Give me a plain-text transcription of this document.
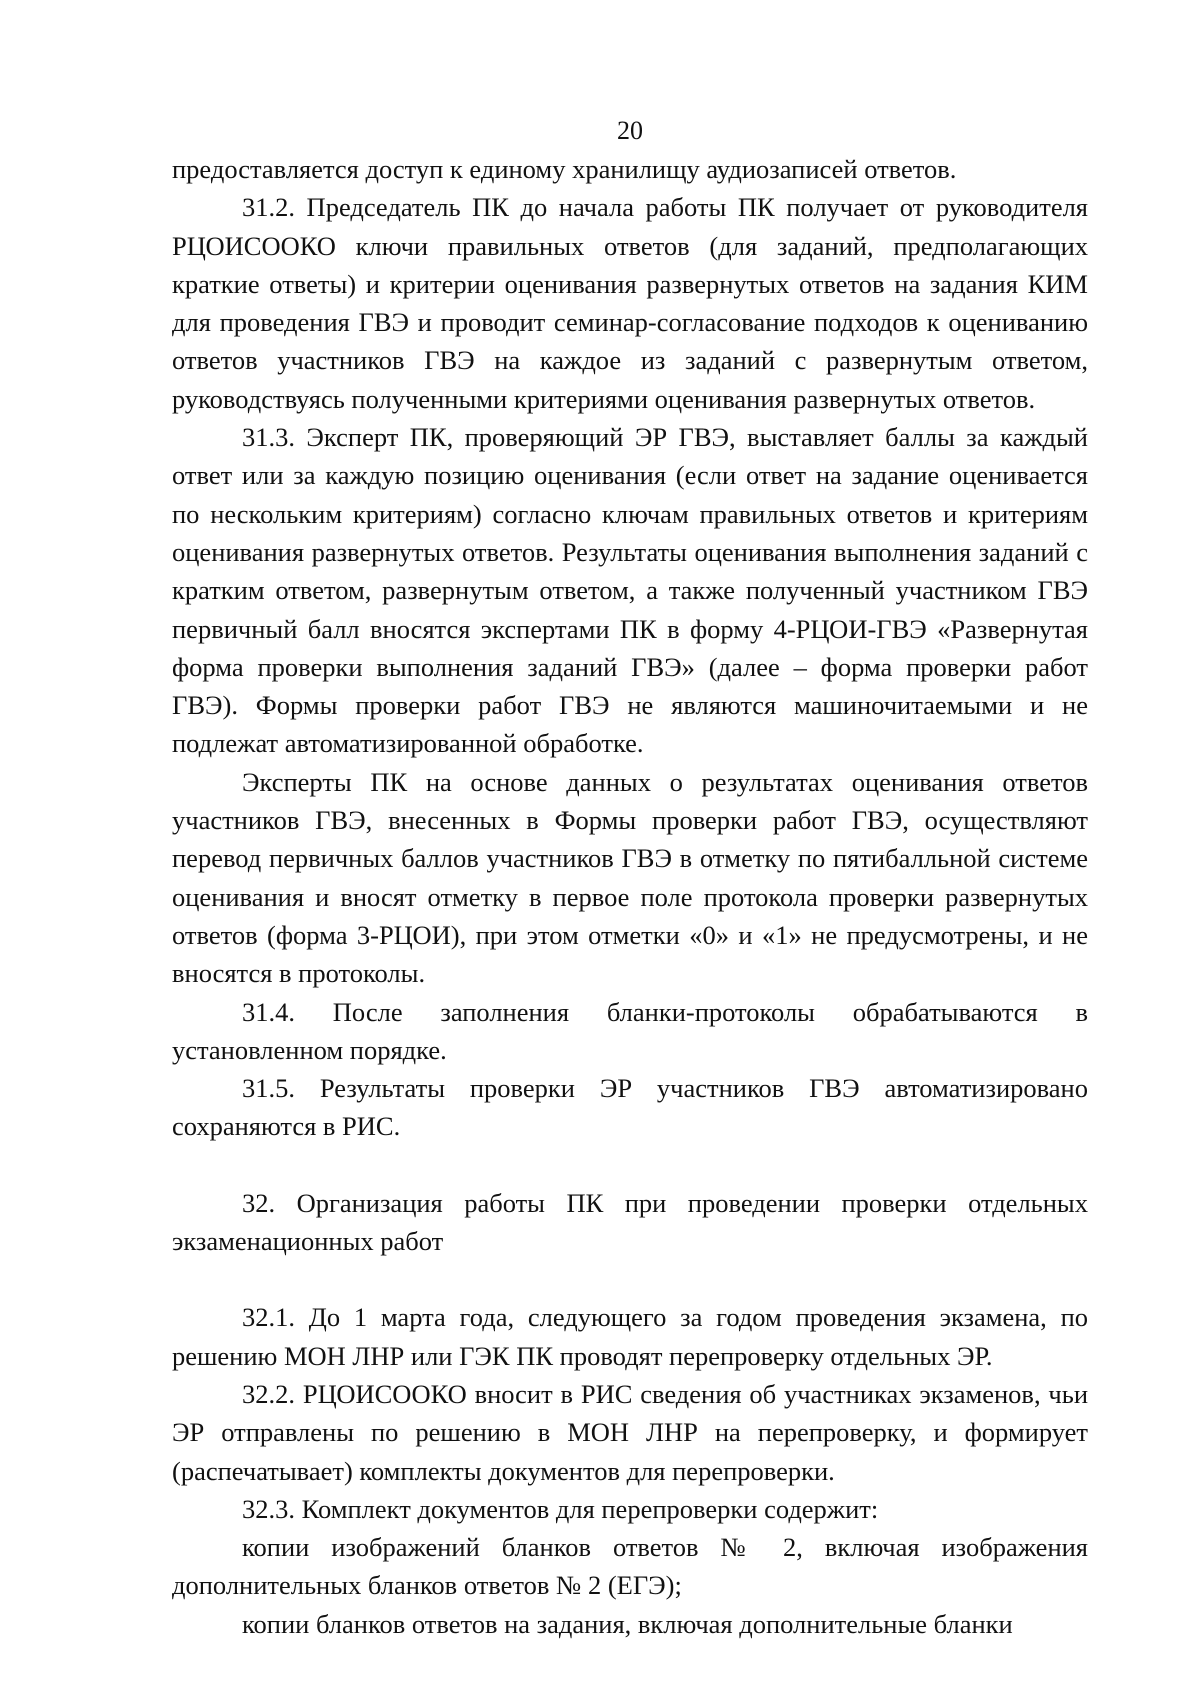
20

предоставляется доступ к единому хранилищу аудиозаписей ответов.

31.2. Председатель ПК до начала работы ПК получает от руководителя РЦОИСООКО ключи правильных ответов (для заданий, предполагающих краткие ответы) и критерии оценивания развернутых ответов на задания КИМ для проведения ГВЭ и проводит семинар-согласование подходов к оцениванию ответов участников ГВЭ на каждое из заданий с развернутым ответом, руководствуясь полученными критериями оценивания развернутых ответов.

31.3. Эксперт ПК, проверяющий ЭР ГВЭ, выставляет баллы за каждый ответ или за каждую позицию оценивания (если ответ на задание оценивается по нескольким критериям) согласно ключам правильных ответов и критериям оценивания развернутых ответов. Результаты оценивания выполнения заданий с кратким ответом, развернутым ответом, а также полученный участником ГВЭ первичный балл вносятся экспертами ПК в форму 4-РЦОИ-ГВЭ «Развернутая форма проверки выполнения заданий ГВЭ» (далее – форма проверки работ ГВЭ). Формы проверки работ ГВЭ не являются машиночитаемыми и не подлежат автоматизированной обработке.

Эксперты ПК на основе данных о результатах оценивания ответов участников ГВЭ, внесенных в Формы проверки работ ГВЭ, осуществляют перевод первичных баллов участников ГВЭ в отметку по пятибалльной системе оценивания и вносят отметку в первое поле протокола проверки развернутых ответов (форма 3-РЦОИ), при этом отметки «0» и «1» не предусмотрены, и не вносятся в протоколы.

31.4. После заполнения бланки-протоколы обрабатываются в установленном порядке.

31.5. Результаты проверки ЭР участников ГВЭ автоматизировано сохраняются в РИС.

32. Организация работы ПК при проведении проверки отдельных экзаменационных работ

32.1. До 1 марта года, следующего за годом проведения экзамена, по решению МОН ЛНР или ГЭК ПК проводят перепроверку отдельных ЭР.

32.2. РЦОИСООКО вносит в РИС сведения об участниках экзаменов, чьи ЭР отправлены по решению в МОН ЛНР на перепроверку, и формирует (распечатывает) комплекты документов для перепроверки.

32.3. Комплект документов для перепроверки содержит:

копии изображений бланков ответов № 2, включая изображения дополнительных бланков ответов № 2 (ЕГЭ);

копии бланков ответов на задания, включая дополнительные бланки
